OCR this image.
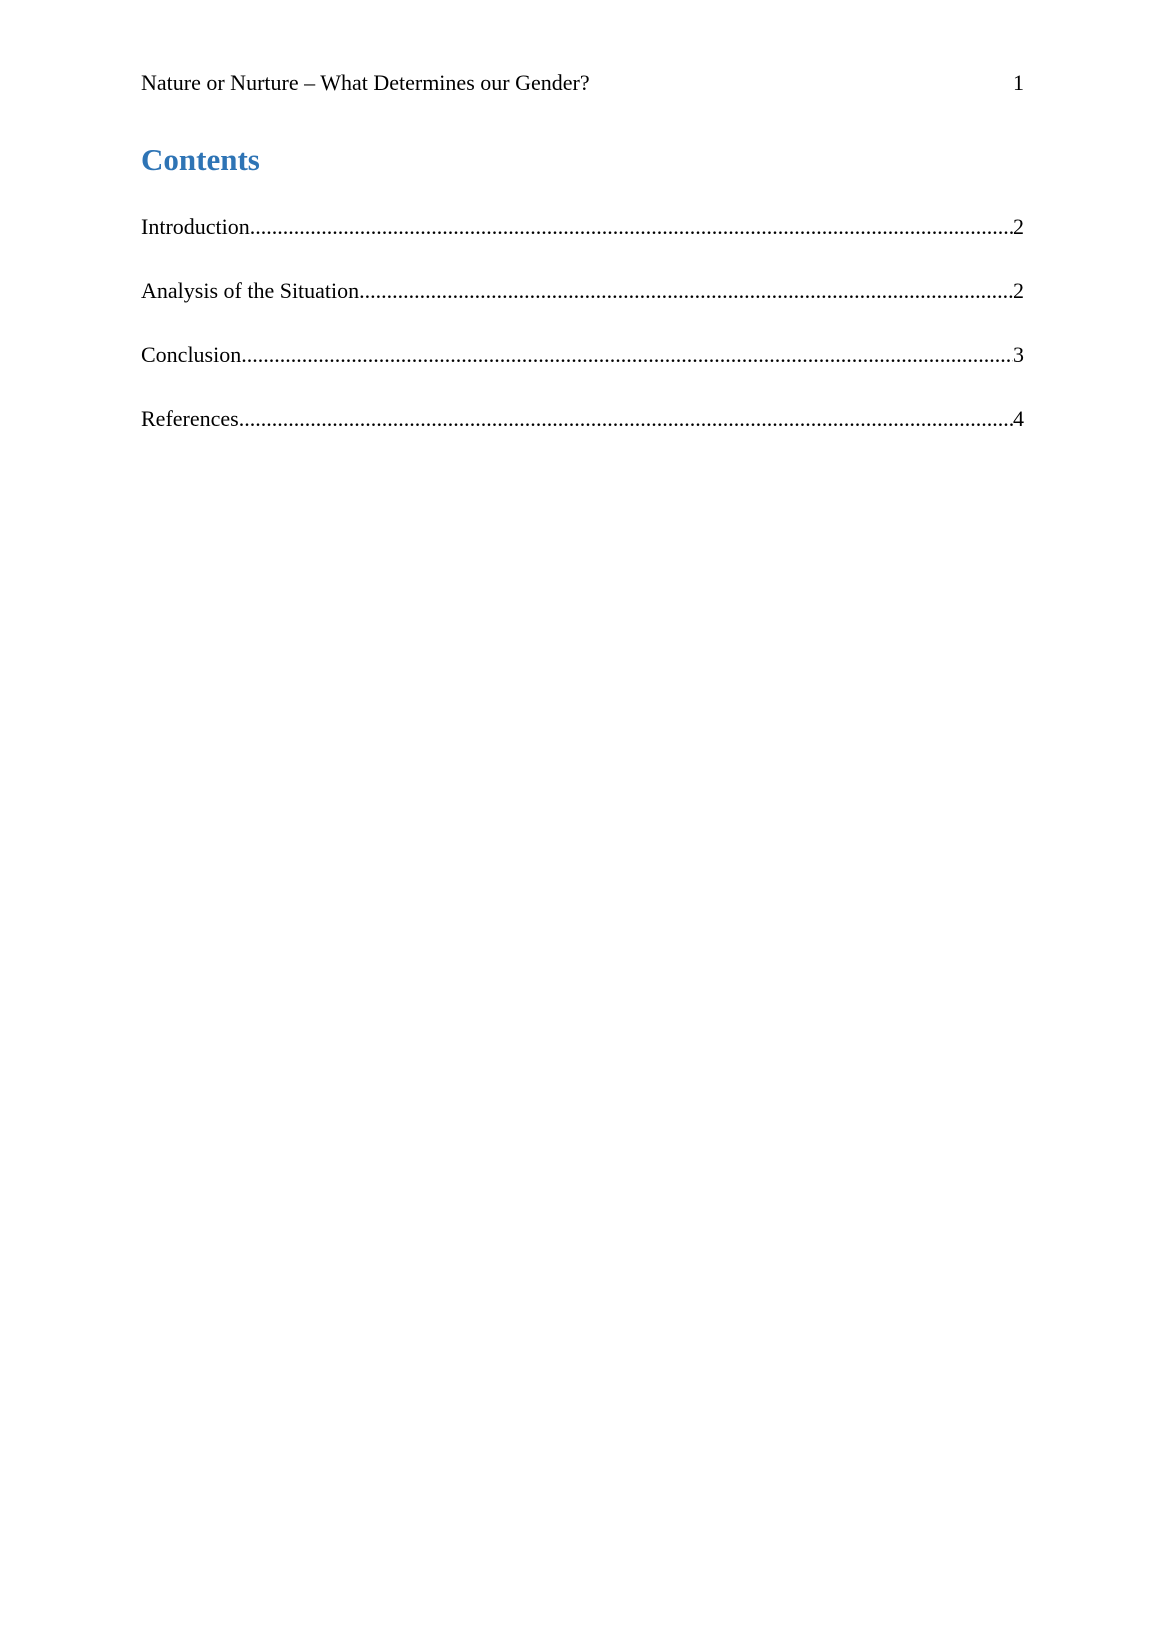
Nature or Nurture – What Determines our Gender?	1
Contents
Introduction .....	2
Analysis of the Situation .....	2
Conclusion .....	3
References .....	4
